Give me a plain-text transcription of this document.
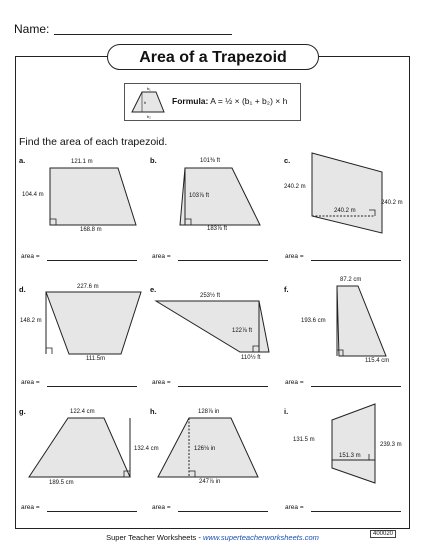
Name:
Area of a Trapezoid
b₁
h
b₂
Formula: A = ½ × (b₁ + b₂) × h
Find the area of each trapezoid.
a.	b.	c.
d.	e.	f.
g.	h.	i.
121.1 m
104.4 m
168.8 m
101⅜ ft
103⅞ ft
183⅞ ft
240.2 m
240.2 m
240.2 m
227.6 m
148.2 m
111.5m
253½ ft
122⅞ ft
110½ ft
87.2 cm
193.6 cm
115.4 cm
122.4 cm
132.4 cm
189.5 cm
128⅞ in
126⅛ in
247⅞ in
131.5 m
151.3 m
239.3 m
area =	area =	area =
area =	area =	area =
area =	area =	area =
Super Teacher Worksheets - www.superteacherworksheets.com	400020
